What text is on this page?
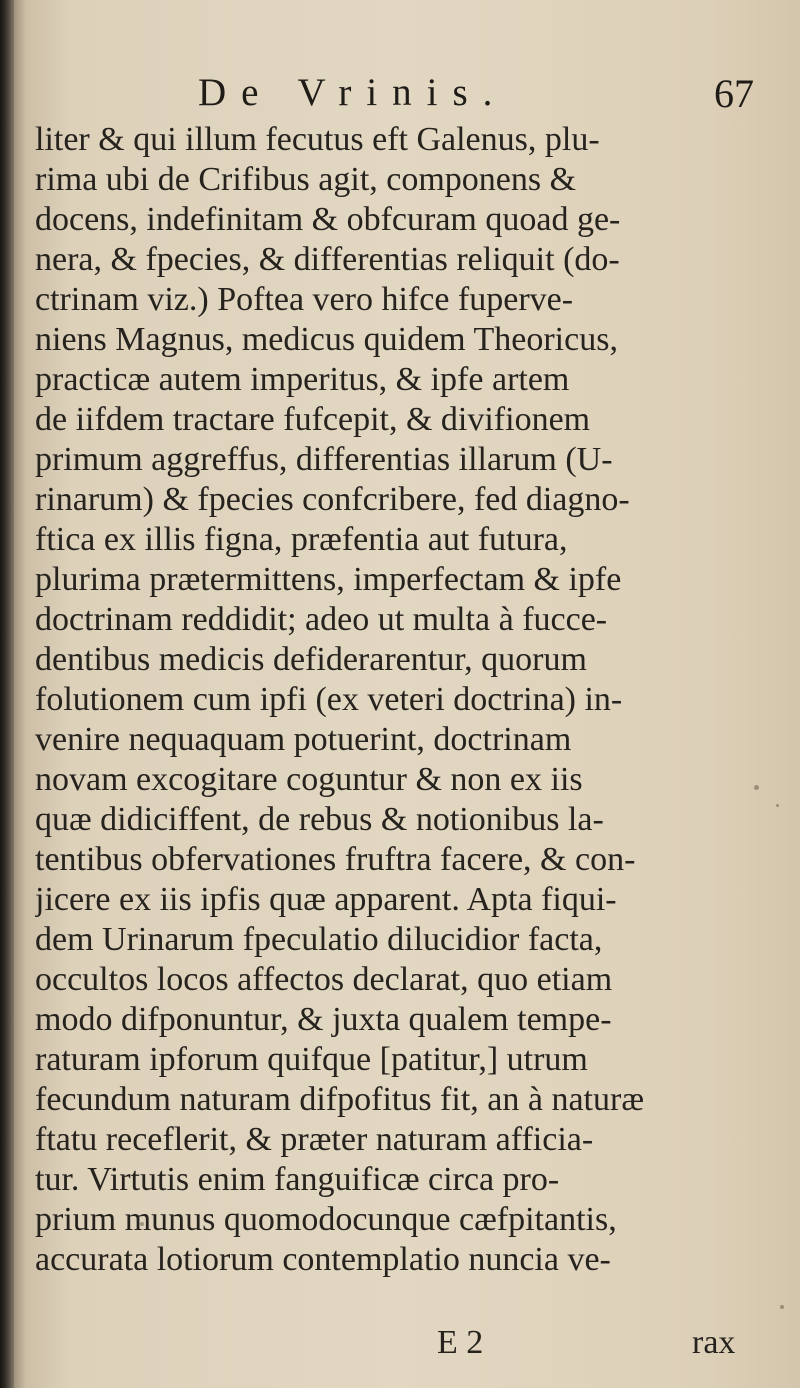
De Vrinis.	67
liter & qui illum fecutus eft Galenus, plu-
rima ubi de Crifibus agit, componens &
docens, indefinitam & obfcuram quoad ge-
nera, & fpecies, & differentias reliquit (do-
ctrinam viz.) Poftea vero hifce fuperve-
niens Magnus, medicus quidem Theoricus,
practicæ autem imperitus, & ipfe artem
de iifdem tractare fufcepit, & divifionem
primum aggreffus, differentias illarum (U-
rinarum) & fpecies confcribere, fed diagno-
ftica ex illis figna, præfentia aut futura,
plurima prætermittens, imperfectam & ipfe
doctrinam reddidit; adeo ut multa à fucce-
dentibus medicis defiderarentur, quorum
folutionem cum ipfi (ex veteri doctrina) in-
venire nequaquam potuerint, doctrinam
novam excogitare coguntur & non ex iis
quæ didiciffent, de rebus & notionibus la-
tentibus obfervationes fruftra facere, & con-
jicere ex iis ipfis quæ apparent. Apta fiqui-
dem Urinarum fpeculatio dilucidior facta,
occultos locos affectos declarat, quo etiam
modo difponuntur, & juxta qualem tempe-
raturam ipforum quifque [patitur,] utrum
fecundum naturam difpofitus fit, an à naturæ
ftatu receflerit, & præter naturam afficia-
tur. Virtutis enim fanguificæ circa pro-
prium munus quomodocunque cæfpitantis,
accurata lotiorum contemplatio nuncia ve-
E 2	rax
